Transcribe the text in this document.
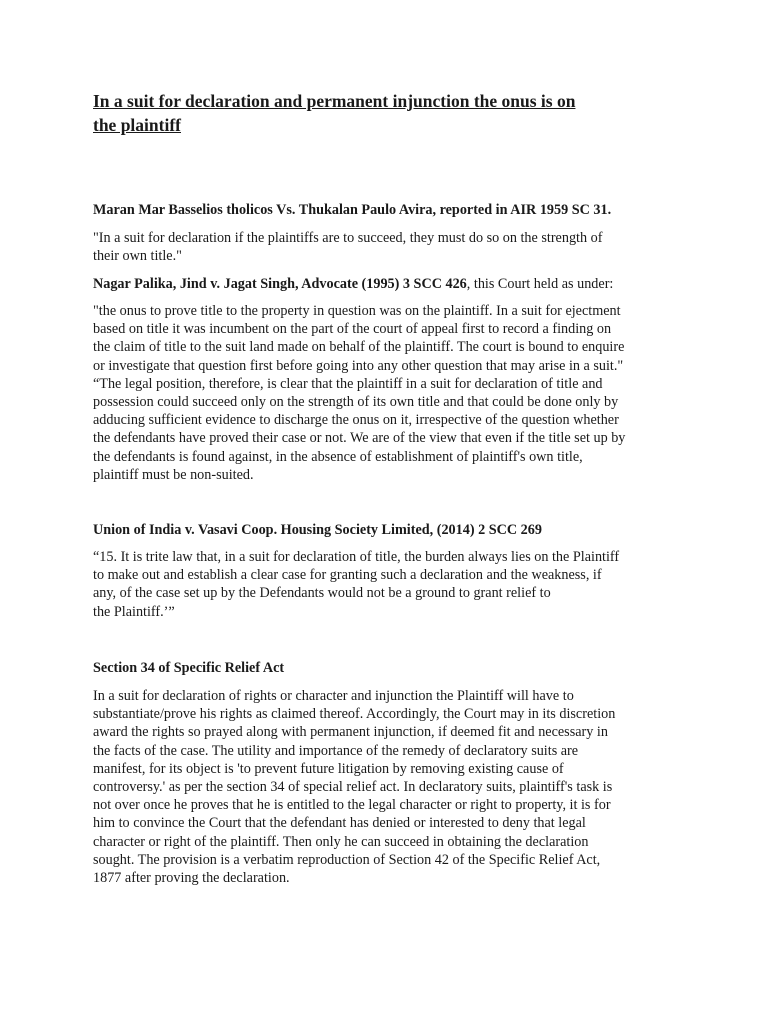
In a suit for declaration and permanent injunction the onus is on
the plaintiff
Maran Mar Basselios tholicos Vs. Thukalan Paulo Avira, reported in AIR 1959 SC 31.

"In a suit for declaration if the plaintiffs are to succeed, they must do so on the strength of

their own title."

Nagar Palika, Jind v. Jagat Singh, Advocate (1995) 3 SCC 426, this Court held as under:

"the onus to prove title to the property in question was on the plaintiff. In a suit for ejectment

based on title it was incumbent on the part of the court of appeal first to record a finding on

the claim of title to the suit land made on behalf of the plaintiff. The court is bound to enquire

or investigate that question first before going into any other question that may arise in a suit."

“The legal position, therefore, is clear that the plaintiff in a suit for declaration of title and

possession could succeed only on the strength of its own title and that could be done only by

adducing sufficient evidence to discharge the onus on it, irrespective of the question whether

the defendants have proved their case or not. We are of the view that even if the title set up by

the defendants is found against, in the absence of establishment of plaintiff's own title,

plaintiff must be non-suited.

Union of India v. Vasavi Coop. Housing Society Limited, (2014) 2 SCC 269

“15. It is trite law that, in a suit for declaration of title, the burden always lies on the Plaintiff

to make out and establish a clear case for granting such a declaration and the weakness, if

any, of the case set up by the Defendants would not be a ground to grant relief to

the Plaintiff.’”

Section 34 of Specific Relief Act

In a suit for declaration of rights or character and injunction the Plaintiff will have to

substantiate/prove his rights as claimed thereof. Accordingly, the Court may in its discretion

award the rights so prayed along with permanent injunction, if deemed fit and necessary in

the facts of the case. The utility and importance of the remedy of declaratory suits are

manifest, for its object is 'to prevent future litigation by removing existing cause of

controversy.' as per the section 34 of special relief act. In declaratory suits, plaintiff's task is

not over once he proves that he is entitled to the legal character or right to property, it is for

him to convince the Court that the defendant has denied or interested to deny that legal

character or right of the plaintiff. Then only he can succeed in obtaining the declaration

sought. The provision is a verbatim reproduction of Section 42 of the Specific Relief Act,

1877 after proving the declaration.
